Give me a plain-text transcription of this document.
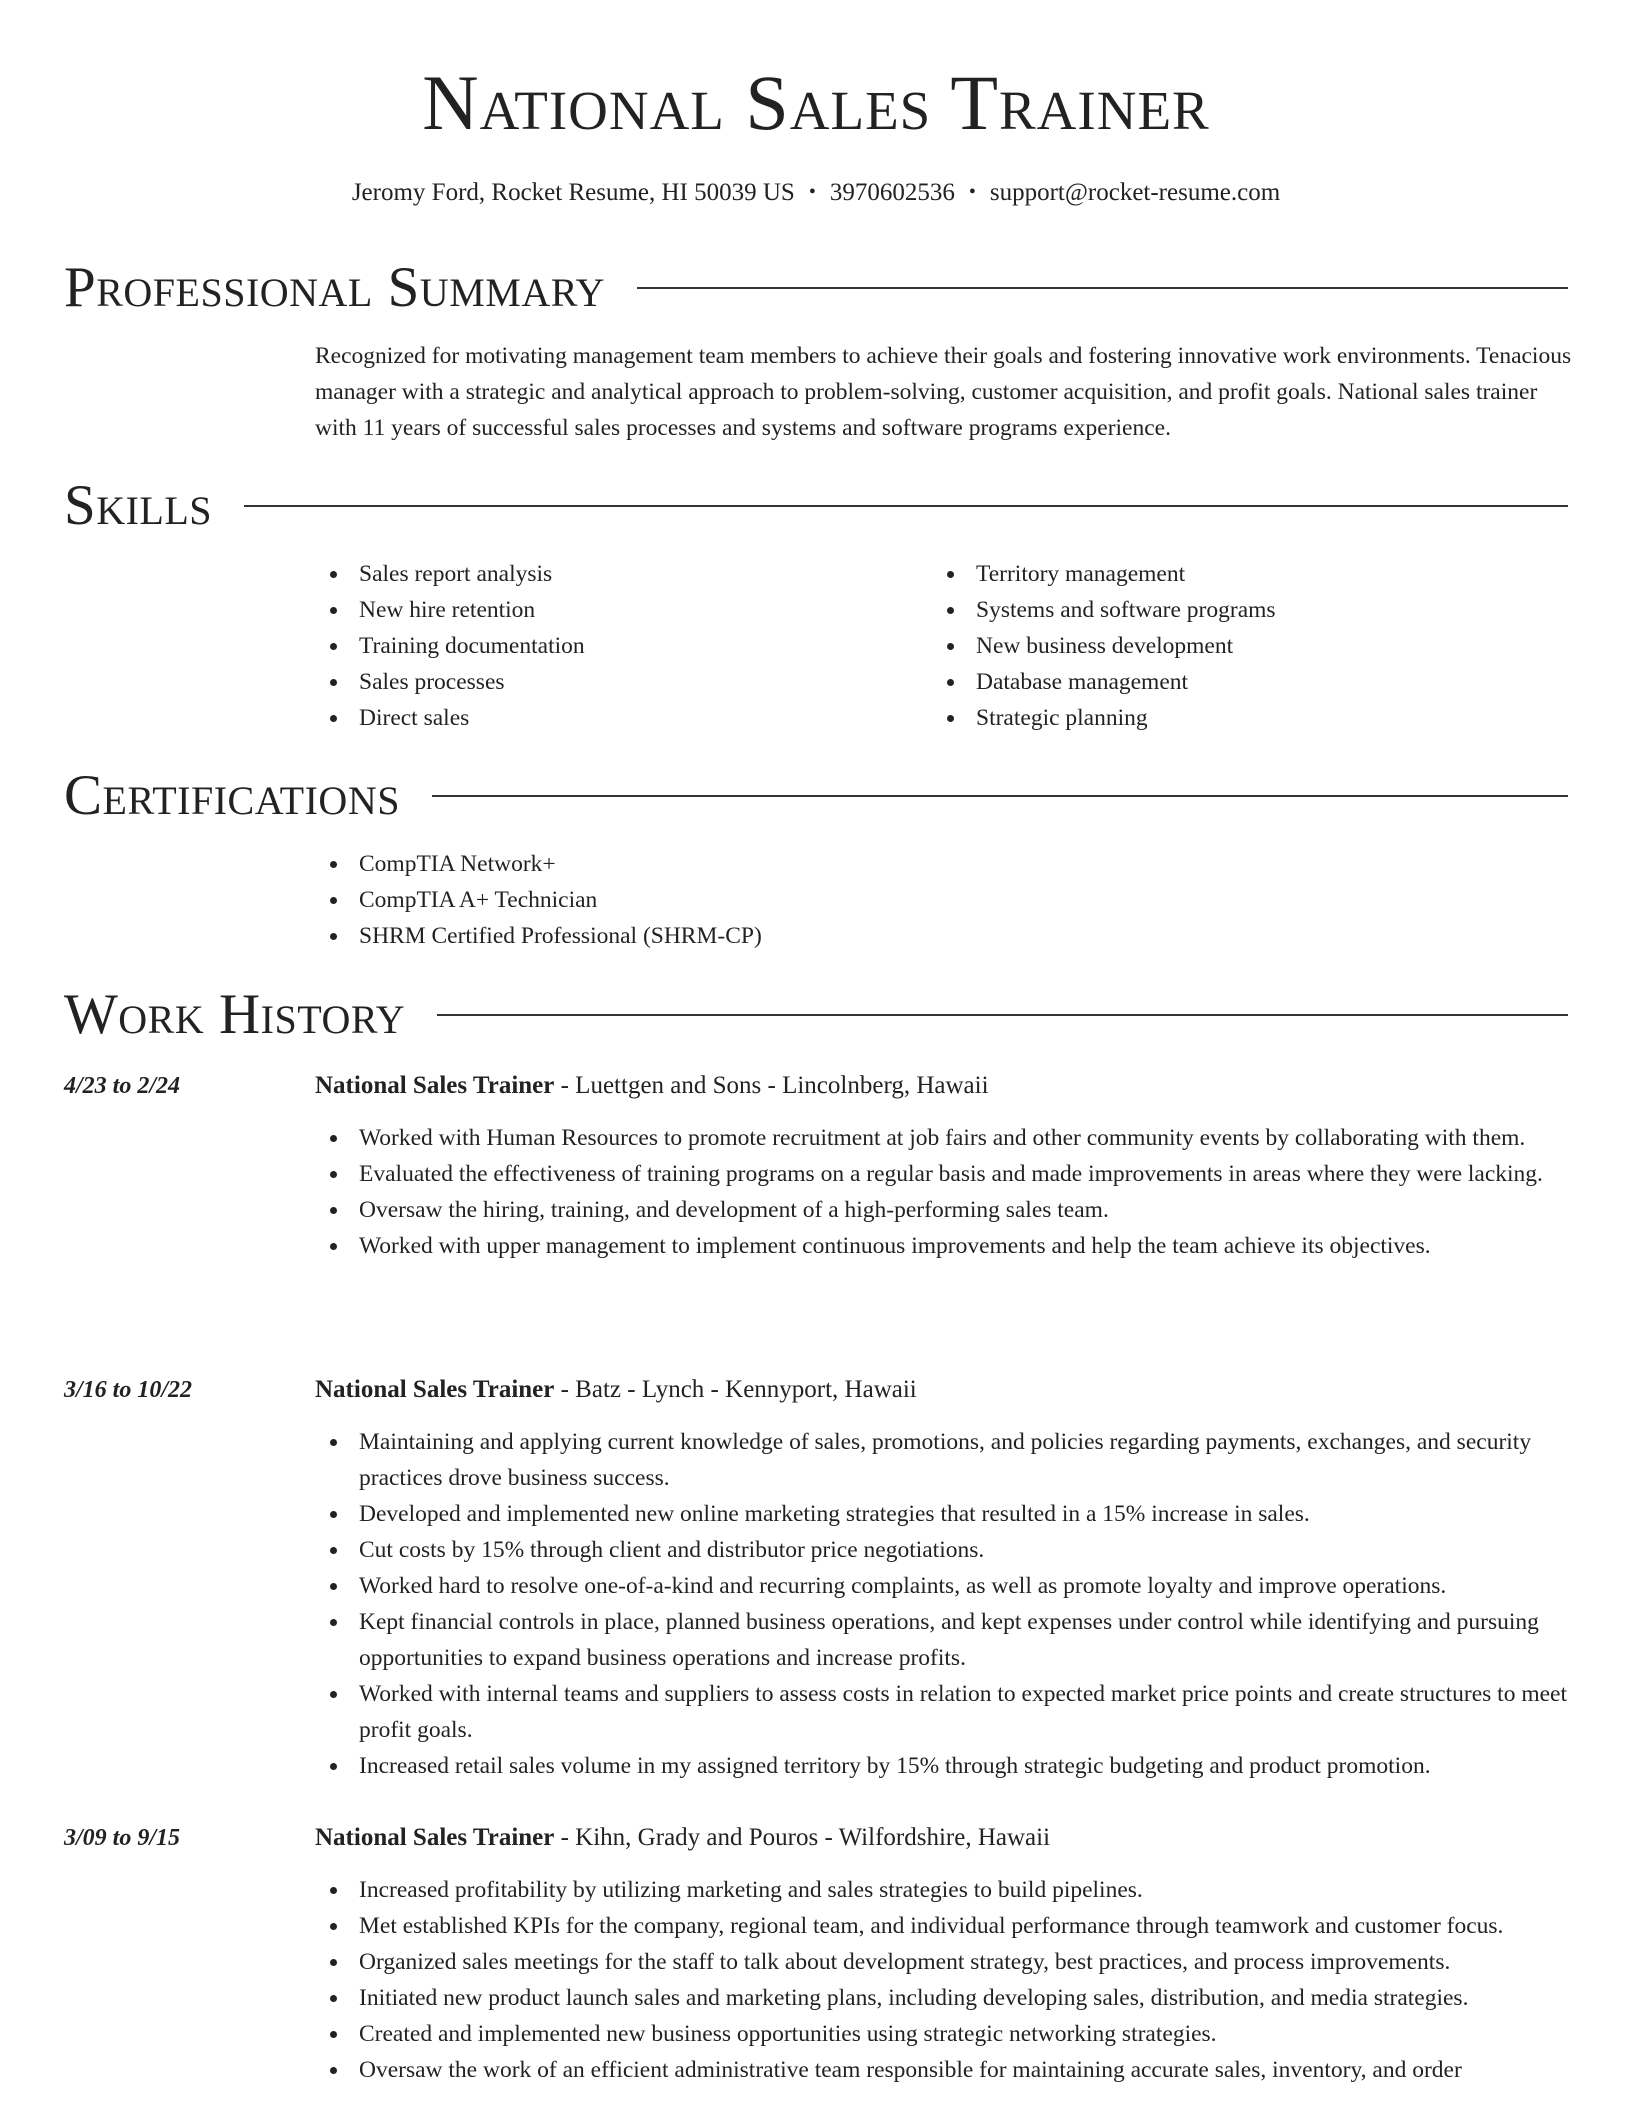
National Sales Trainer
Jeromy Ford, Rocket Resume, HI 50039 US • 3970602536 • support@rocket-resume.com
Professional Summary
Recognized for motivating management team members to achieve their goals and fostering innovative work environments. Tenacious manager with a strategic and analytical approach to problem-solving, customer acquisition, and profit goals. National sales trainer with 11 years of successful sales processes and systems and software programs experience.
Skills
Sales report analysis
New hire retention
Training documentation
Sales processes
Direct sales
Territory management
Systems and software programs
New business development
Database management
Strategic planning
Certifications
CompTIA Network+
CompTIA A+ Technician
SHRM Certified Professional (SHRM-CP)
Work History
4/23 to 2/24	National Sales Trainer - Luettgen and Sons - Lincolnberg, Hawaii
Worked with Human Resources to promote recruitment at job fairs and other community events by collaborating with them.
Evaluated the effectiveness of training programs on a regular basis and made improvements in areas where they were lacking.
Oversaw the hiring, training, and development of a high-performing sales team.
Worked with upper management to implement continuous improvements and help the team achieve its objectives.
3/16 to 10/22	National Sales Trainer - Batz - Lynch - Kennyport, Hawaii
Maintaining and applying current knowledge of sales, promotions, and policies regarding payments, exchanges, and security practices drove business success.
Developed and implemented new online marketing strategies that resulted in a 15% increase in sales.
Cut costs by 15% through client and distributor price negotiations.
Worked hard to resolve one-of-a-kind and recurring complaints, as well as promote loyalty and improve operations.
Kept financial controls in place, planned business operations, and kept expenses under control while identifying and pursuing opportunities to expand business operations and increase profits.
Worked with internal teams and suppliers to assess costs in relation to expected market price points and create structures to meet profit goals.
Increased retail sales volume in my assigned territory by 15% through strategic budgeting and product promotion.
3/09 to 9/15	National Sales Trainer - Kihn, Grady and Pouros - Wilfordshire, Hawaii
Increased profitability by utilizing marketing and sales strategies to build pipelines.
Met established KPIs for the company, regional team, and individual performance through teamwork and customer focus.
Organized sales meetings for the staff to talk about development strategy, best practices, and process improvements.
Initiated new product launch sales and marketing plans, including developing sales, distribution, and media strategies.
Created and implemented new business opportunities using strategic networking strategies.
Oversaw the work of an efficient administrative team responsible for maintaining accurate sales, inventory, and order
